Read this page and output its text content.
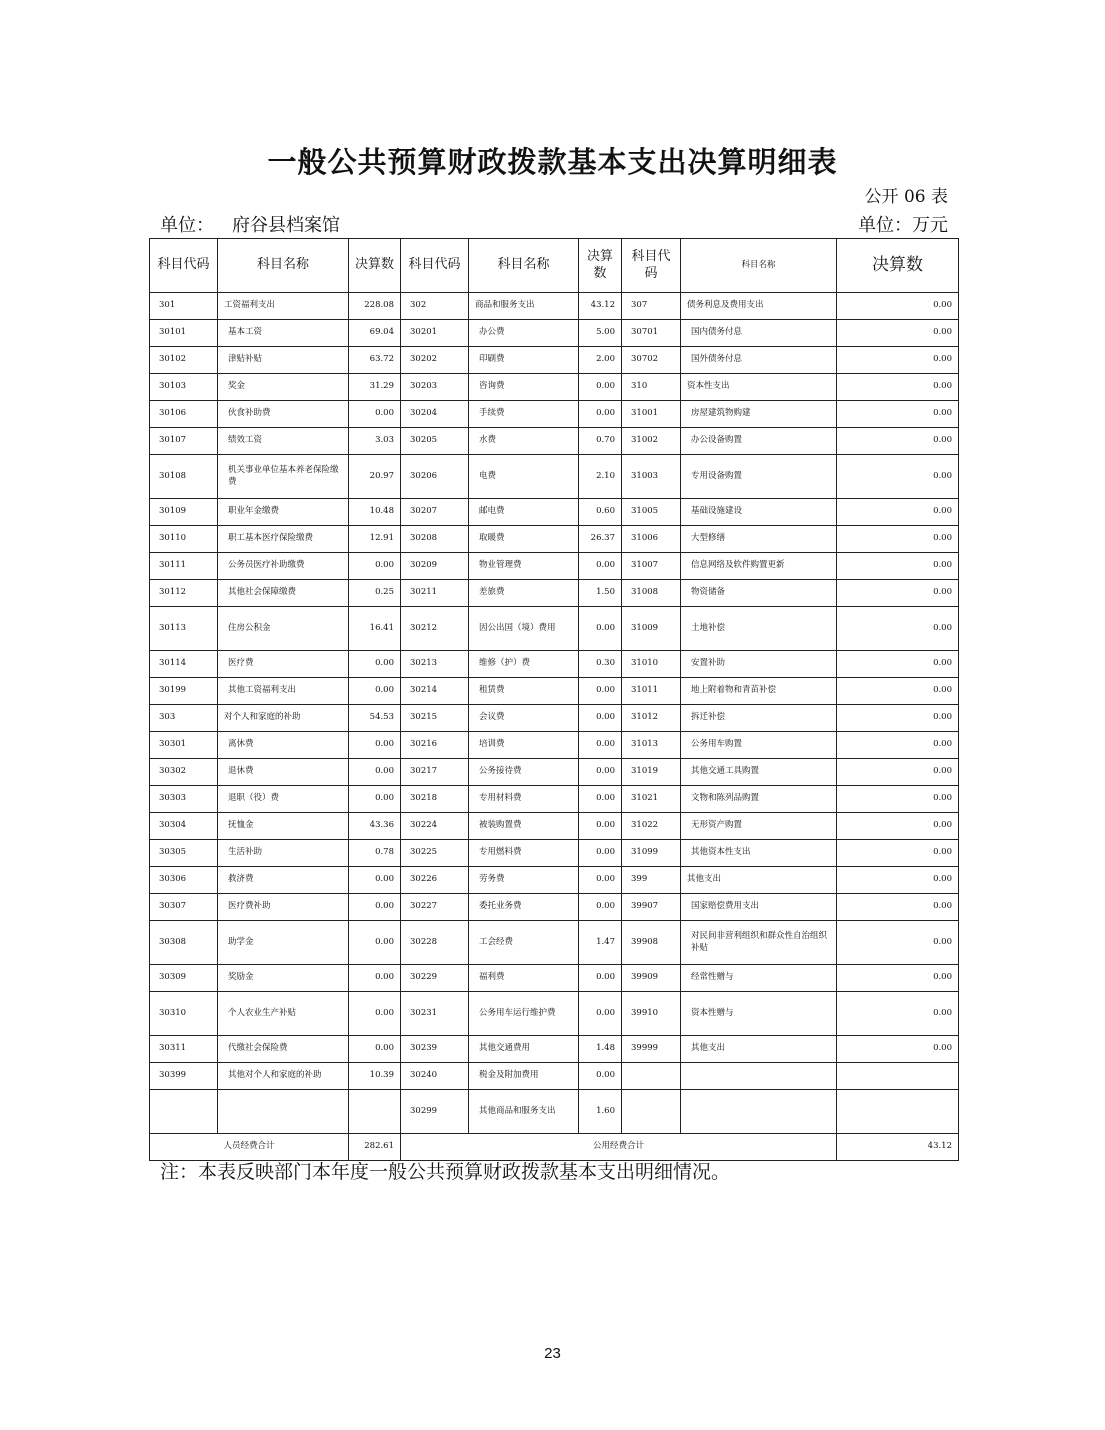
一般公共预算财政拨款基本支出决算明细表
公开 06 表
单位： 府谷县档案馆	单位：万元
科目代码	科目名称	决算数	科目代码	科目名称	决算数	科目代码	科目名称	决算数
301	工资福利支出	228.08	302	商品和服务支出	43.12	307	债务利息及费用支出	0.00
30101	基本工资	69.04	30201	办公费	5.00	30701	国内债务付息	0.00
30102	津贴补贴	63.72	30202	印刷费	2.00	30702	国外债务付息	0.00
30103	奖金	31.29	30203	咨询费	0.00	310	资本性支出	0.00
30106	伙食补助费	0.00	30204	手续费	0.00	31001	房屋建筑物购建	0.00
30107	绩效工资	3.03	30205	水费	0.70	31002	办公设备购置	0.00
30108	机关事业单位基本养老保险缴费	20.97	30206	电费	2.10	31003	专用设备购置	0.00
30109	职业年金缴费	10.48	30207	邮电费	0.60	31005	基础设施建设	0.00
30110	职工基本医疗保险缴费	12.91	30208	取暖费	26.37	31006	大型修缮	0.00
30111	公务员医疗补助缴费	0.00	30209	物业管理费	0.00	31007	信息网络及软件购置更新	0.00
30112	其他社会保障缴费	0.25	30211	差旅费	1.50	31008	物资储备	0.00
30113	住房公积金	16.41	30212	因公出国（境）费用	0.00	31009	土地补偿	0.00
30114	医疗费	0.00	30213	维修（护）费	0.30	31010	安置补助	0.00
30199	其他工资福利支出	0.00	30214	租赁费	0.00	31011	地上附着物和青苗补偿	0.00
303	对个人和家庭的补助	54.53	30215	会议费	0.00	31012	拆迁补偿	0.00
30301	离休费	0.00	30216	培训费	0.00	31013	公务用车购置	0.00
30302	退休费	0.00	30217	公务接待费	0.00	31019	其他交通工具购置	0.00
30303	退职（役）费	0.00	30218	专用材料费	0.00	31021	文物和陈列品购置	0.00
30304	抚恤金	43.36	30224	被装购置费	0.00	31022	无形资产购置	0.00
30305	生活补助	0.78	30225	专用燃料费	0.00	31099	其他资本性支出	0.00
30306	救济费	0.00	30226	劳务费	0.00	399	其他支出	0.00
30307	医疗费补助	0.00	30227	委托业务费	0.00	39907	国家赔偿费用支出	0.00
30308	助学金	0.00	30228	工会经费	1.47	39908	对民间非营利组织和群众性自治组织补贴	0.00
30309	奖励金	0.00	30229	福利费	0.00	39909	经常性赠与	0.00
30310	个人农业生产补贴	0.00	30231	公务用车运行维护费	0.00	39910	资本性赠与	0.00
30311	代缴社会保险费	0.00	30239	其他交通费用	1.48	39999	其他支出	0.00
30399	其他对个人和家庭的补助	10.39	30240	税金及附加费用	0.00			
			30299	其他商品和服务支出	1.60			
人员经费合计		282.61	公用经费合计					43.12
注：本表反映部门本年度一般公共预算财政拨款基本支出明细情况。
23
